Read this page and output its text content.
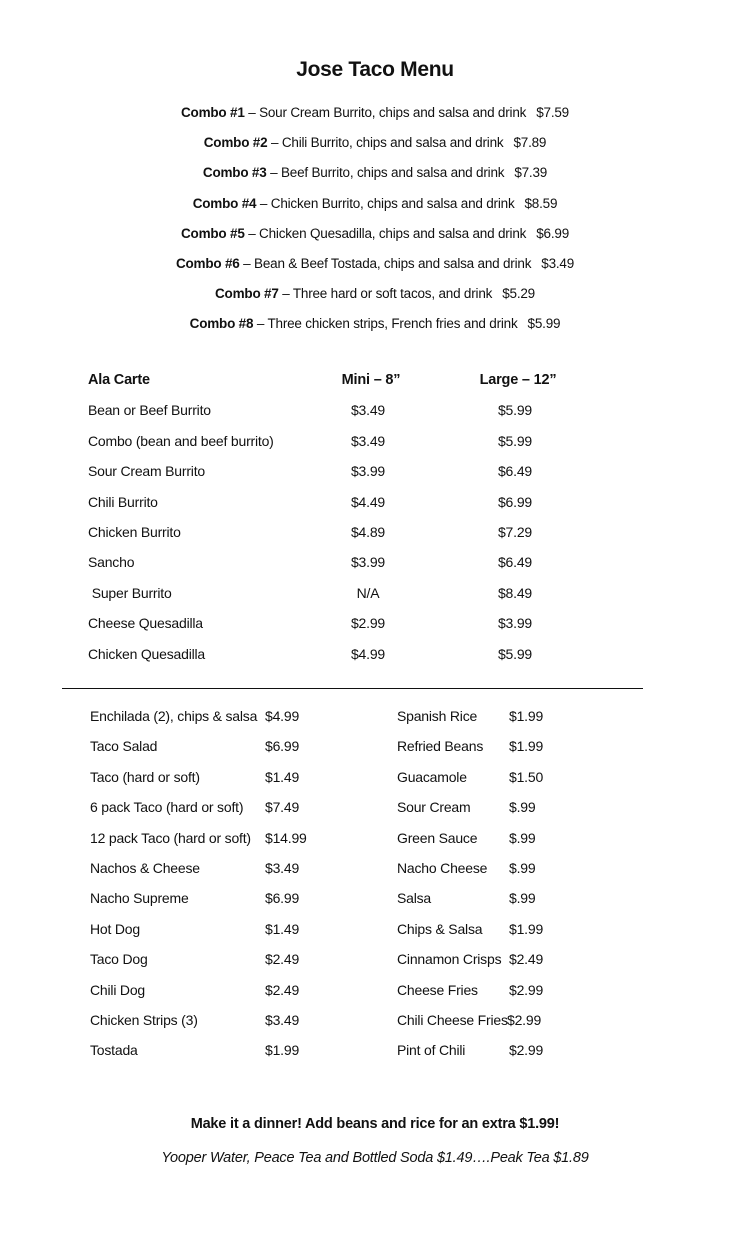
Jose Taco Menu
Combo #1 – Sour Cream Burrito, chips and salsa and drink $7.59
Combo #2 – Chili Burrito, chips and salsa and drink $7.89
Combo #3 – Beef Burrito, chips and salsa and drink $7.39
Combo #4 – Chicken Burrito, chips and salsa and drink $8.59
Combo #5 – Chicken Quesadilla, chips and salsa and drink $6.99
Combo #6 – Bean & Beef Tostada, chips and salsa and drink $3.49
Combo #7 – Three hard or soft tacos, and drink $5.29
Combo #8 – Three chicken strips, French fries and drink $5.99
Ala Carte	Mini – 8”	Large – 12”
Bean or Beef Burrito	$3.49	$5.99
Combo (bean and beef burrito)	$3.49	$5.99
Sour Cream Burrito	$3.99	$6.49
Chili Burrito	$4.49	$6.99
Chicken Burrito	$4.89	$7.29
Sancho	$3.99	$6.49
Super Burrito	N/A	$8.49
Cheese Quesadilla	$2.99	$3.99
Chicken Quesadilla	$4.99	$5.99
Enchilada (2), chips & salsa $4.99	Spanish Rice $1.99
Taco Salad	$6.99	Refried Beans $1.99
Taco (hard or soft)	$1.49	Guacamole	$1.50
6 pack Taco (hard or soft) $7.49	Sour Cream	$.99
12 pack Taco (hard or soft) $14.99	Green Sauce $.99
Nachos & Cheese	$3.49	Nacho Cheese $.99
Nacho Supreme	$6.99	Salsa	$.99
Hot Dog	$1.49	Chips & Salsa $1.99
Taco Dog	$2.49	Cinnamon Crisps $2.49
Chili Dog	$2.49	Cheese Fries $2.99
Chicken Strips (3)	$3.49	Chili Cheese Fries $2.99
Tostada	$1.99	Pint of Chili	$2.99
Make it a dinner! Add beans and rice for an extra $1.99!
Yooper Water, Peace Tea and Bottled Soda $1.49….Peak Tea $1.89
